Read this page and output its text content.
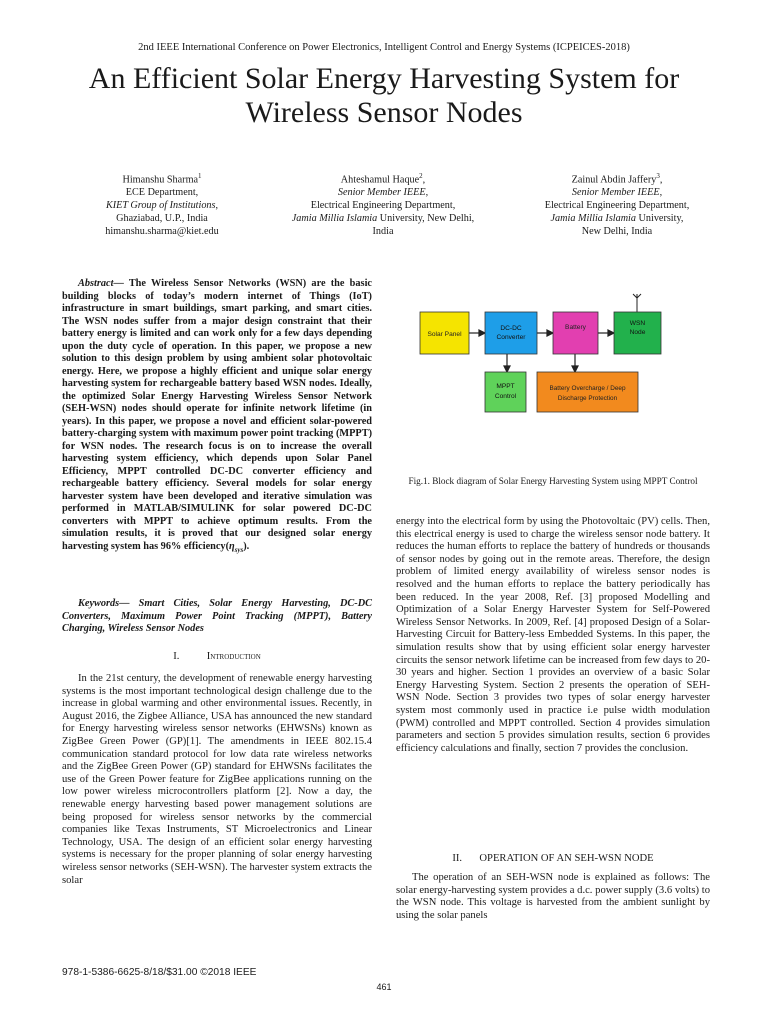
2nd IEEE International Conference on Power Electronics, Intelligent Control and Energy Systems (ICPEICES-2018)
An Efficient Solar Energy Harvesting System for
Wireless Sensor Nodes
Himanshu Sharma$^1$
ECE Department,
KIET Group of Institutions,
Ghaziabad, U.P., India
himanshu.sharma@kiet.edu
Ahteshamul Haque$^2$,
Senior Member IEEE,
Electrical Engineering Department,
Jamia Millia Islamia University, New Delhi,
India
Zainul Abdin Jaffery$^3$,
Senior Member IEEE,
Electrical Engineering Department,
Jamia Millia Islamia University,
New Delhi, India

Abstract— The Wireless Sensor Networks (WSN) are the basic building blocks of today’s modern internet of Things (IoT) infrastructure in smart buildings, smart parking, and smart cities. The WSN nodes suffer from a major design constraint that their battery energy is limited and can work only for a few days depending upon the duty cycle of operation. In this paper, we propose a new solution to this design problem by using ambient solar photovoltaic energy. Here, we propose a highly efficient and unique solar energy harvesting system for rechargeable battery based WSN nodes. Ideally, the optimized Solar Energy Harvesting Wireless Sensor Network (SEH-WSN) nodes should operate for infinite network lifetime (in years). In this paper, we propose a novel and efficient solar-powered battery-charging system with maximum power point tracking (MPPT) for WSN nodes. The research focus is on to increase the overall harvesting system efficiency, which depends upon Solar Panel Efficiency, MPPT controlled DC-DC converter efficiency and rechargeable battery efficiency. Several models for solar energy harvester system have been developed and iterative simulation was performed in MATLAB/SIMULINK for solar powered DC-DC converters with MPPT to achieve optimum results. From the simulation results, it is proved that our designed solar energy harvesting system has 96% $efficiency(\eta_{sys})$.

Keywords— Smart Cities, Solar Energy Harvesting, DC-DC Converters, Maximum Power Point Tracking (MPPT), Battery Charging, Wireless Sensor Nodes

I.	Introduction

In the 21st century, the development of renewable energy harvesting systems is the most important technological design challenge due to the increase in global warming and other environmental issues. Recently, in August 2016, the Zigbee Alliance, USA has announced the new standard for Energy harvesting wireless sensor networks (EHWSNs) known as ZigBee Green Power (GP)[1]. The amendments in IEEE 802.15.4 communication standard protocol for low data rate wireless networks and the ZigBee Green Power (GP) standard for EHWSNs facilitates the use of the Green Power feature for ZigBee applications running on the low power wireless microcontrollers platform [2]. Now a day, the renewable energy harvesting based power management solutions are being proposed for wireless sensor networks by the commercial companies like Texas Instruments, ST Microelectronics and Linear Technology, USA. The design of an efficient solar energy harvesting systems is necessary for the proper planning of solar energy harvesting wireless sensor networks (SEH-WSN). The harvester system extracts the solar

Solar Panel
DC-DC
Converter
Battery
WSN
Node
MPPT
Control
Battery Overcharge / Deep
Discharge Protection
Fig.1. Block diagram of Solar Energy Harvesting System using MPPT Control

energy into the electrical form by using the Photovoltaic (PV) cells. Then, this electrical energy is used to charge the wireless sensor node battery. It reduces the human efforts to replace the battery of hundreds or thousands of sensor nodes by going out in the remote areas. Therefore, the design problem of limited energy availability of wireless sensor nodes is resolved and the human efforts to replace the battery periodically has been reduced. In the year 2008, Ref. [3] proposed Modelling and Optimization of a Solar Energy Harvester System for Self-Powered Wireless Sensor Networks. In 2009, Ref. [4] proposed Design of a Solar-Harvesting Circuit for Battery-less Embedded Systems. In this paper, the simulation results show that by using efficient solar energy harvester circuits the sensor network lifetime can be increased from few days to 20-30 years and higher. Section 1 provides an overview of a basic Solar Energy Harvesting System. Section 2 presents the operation of SEH-WSN Node. Section 3 provides two types of solar energy harvester system most commonly used in practice i.e pulse width modulation (PWM) controlled and MPPT controlled. Section 4 provides simulation parameters and section 5 provides simulation results, section 6 provides efficiency calculations and finally, section 7 provides the conclusion.

II. OPERATION OF AN SEH-WSN NODE

The operation of an SEH-WSN node is explained as follows: The solar energy-harvesting system provides a d.c. power supply (3.6 volts) to the WSN node. This voltage is harvested from the ambient sunlight by using the solar panels

978-1-5386-6625-8/18/$31.00 ©2018 IEEE
461
